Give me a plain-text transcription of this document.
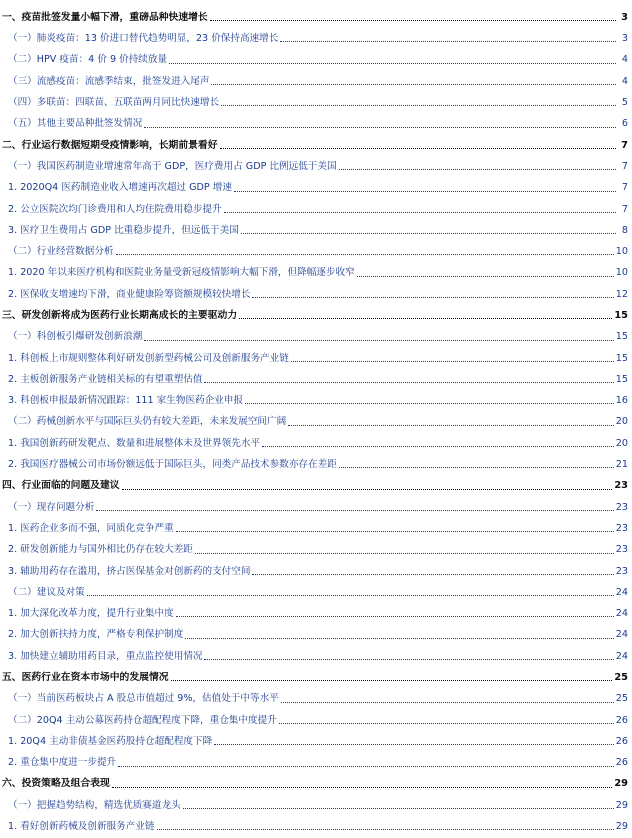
一、疫苗批签发量小幅下滑，重磅品种快速增长	3
（一）肺炎疫苗：13 价进口替代趋势明显，23 价保持高速增长	3
（二）HPV 疫苗：4 价 9 价持续放量	4
（三）流感疫苗：流感季结束，批签发进入尾声	4
（四）多联苗：四联苗、五联苗两月同比快速增长	5
（五）其他主要品种批签发情况	6
二、行业运行数据短期受疫情影响，长期前景看好	7
（一）我国医药制造业增速常年高于 GDP，医疗费用占 GDP 比例远低于美国	7
1. 2020Q4 医药制造业收入增速再次超过 GDP 增速	7
2. 公立医院次均门诊费用和人均住院费用稳步提升	7
3. 医疗卫生费用占 GDP 比重稳步提升，但远低于美国	8
（二）行业经营数据分析	10
1. 2020 年以来医疗机构和医院业务量受新冠疫情影响大幅下滑，但降幅逐步收窄	10
2. 医保收支增速均下滑，商业健康险筹资额规模较快增长	12
三、研发创新将成为医药行业长期高成长的主要驱动力	15
（一）科创板引爆研发创新浪潮	15
1. 科创板上市规则整体利好研发创新型药械公司及创新服务产业链	15
2. 主板创新服务产业链相关标的有望重塑估值	15
3. 科创板申报最新情况跟踪：111 家生物医药企业申报	16
（二）药械创新水平与国际巨头仍有较大差距，未来发展空间广阔	20
1. 我国创新药研发靶点、数量和进展整体未及世界领先水平	20
2. 我国医疗器械公司市场份额远低于国际巨头，同类产品技术参数亦存在差距	21
四、行业面临的问题及建议	23
（一）现存问题分析	23
1. 医药企业多而不强，同质化竞争严重	23
2. 研发创新能力与国外相比仍存在较大差距	23
3. 辅助用药存在滥用，挤占医保基金对创新药的支付空间	23
（二）建议及对策	24
1. 加大深化改革力度，提升行业集中度	24
2. 加大创新扶持力度，严格专利保护制度	24
3. 加快建立辅助用药目录，重点监控使用情况	24
五、医药行业在资本市场中的发展情况	25
（一）当前医药板块占 A 股总市值超过 9%，估值处于中等水平	25
（二）20Q4 主动公募医药持仓超配程度下降，重仓集中度提升	26
1. 20Q4 主动非债基金医药股持仓超配程度下降	26
2. 重仓集中度进一步提升	26
六、投资策略及组合表现	29
（一）把握趋势结构，精选优质赛道龙头	29
1. 看好创新药械及创新服务产业链	29
